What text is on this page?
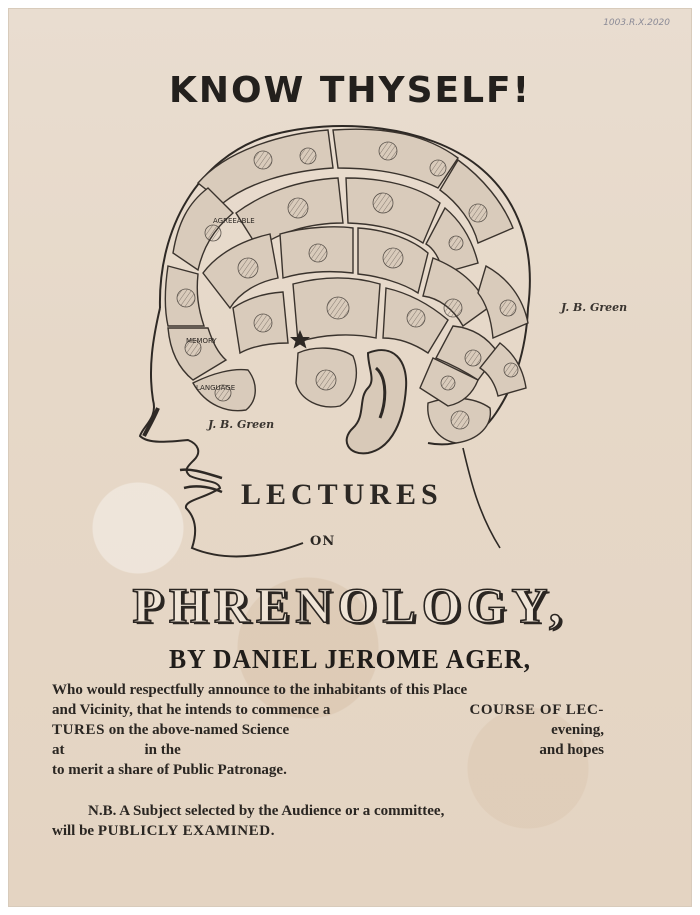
1003.R.X.2020
KNOW THYSELF!
AGREEABLE
MEMORY
LANGUAGE
J. B. Green
J. B. Green
LECTURES
ON
PHRENOLOGY,
BY DANIEL JEROME AGER,
Who would respectfully announce to the inhabitants of this Place
and Vicinity, that he intends to commence a	COURSE OF LEC-
TURES on the above-named Science	evening,
at	in the	and hopes
to merit a share of Public Patronage.
N.B. A Subject selected by the Audience or a committee,
will be PUBLICLY EXAMINED.
